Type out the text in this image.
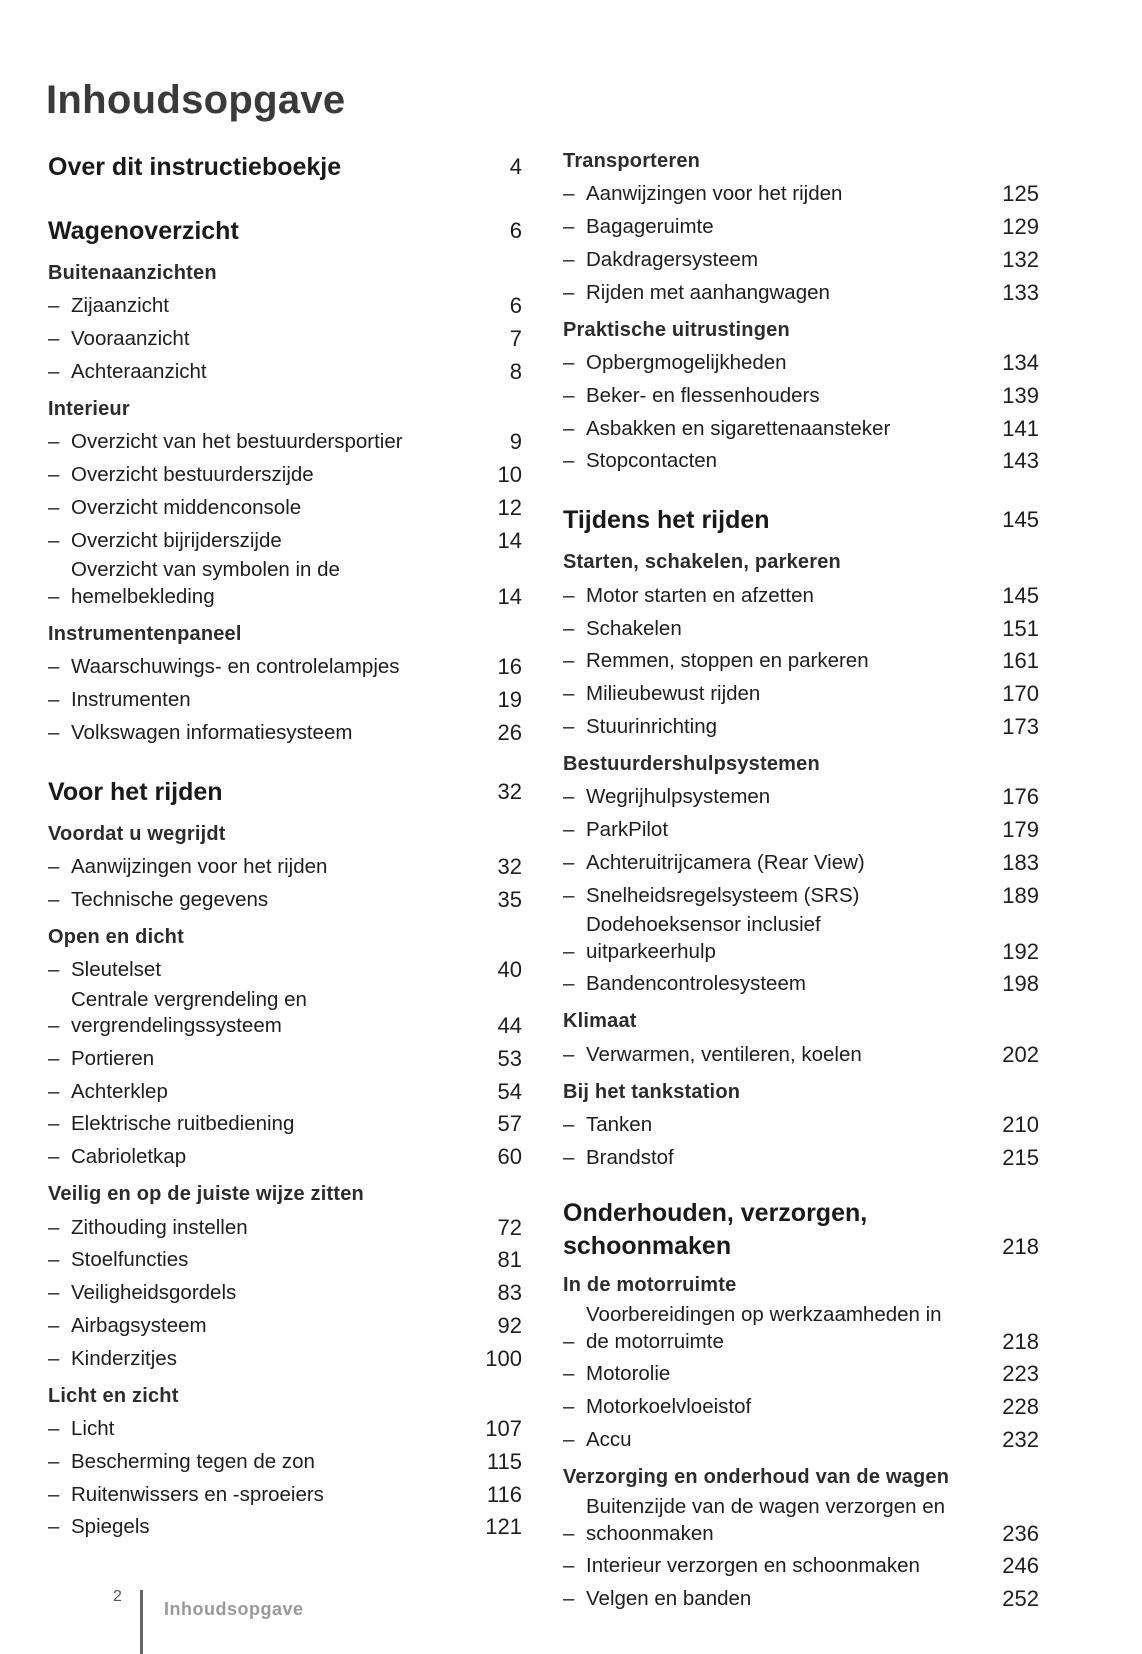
Inhoudsopgave
Over dit instructieboekje	4
Wagenoverzicht	6
Buitenaanzichten
– Zijaanzicht	6
– Vooraanzicht	7
– Achteraanzicht	8
Interieur
– Overzicht van het bestuurdersportier	9
– Overzicht bestuurderszijde	10
– Overzicht middenconsole	12
– Overzicht bijrijderszijde	14
–
Overzicht van symbolen in de
hemelbekleding	14
Instrumentenpaneel
– Waarschuwings- en controlelampjes	16
– Instrumenten	19
– Volkswagen informatiesysteem	26
Voor het rijden	32
Voordat u wegrijdt
– Aanwijzingen voor het rijden	32
– Technische gegevens	35
Open en dicht
– Sleutelset	40
–
Centrale vergrendeling en
vergrendelingssysteem	44
– Portieren	53
– Achterklep	54
– Elektrische ruitbediening	57
– Cabrioletkap	60
Veilig en op de juiste wijze zitten
– Zithouding instellen	72
– Stoelfuncties	81
– Veiligheidsgordels	83
– Airbagsysteem	92
– Kinderzitjes	100
Licht en zicht
– Licht	107
– Bescherming tegen de zon	115
– Ruitenwissers en -sproeiers	116
– Spiegels	121
Transporteren
– Aanwijzingen voor het rijden	125
– Bagageruimte	129
– Dakdragersysteem	132
– Rijden met aanhangwagen	133
Praktische uitrustingen
– Opbergmogelijkheden	134
– Beker- en flessenhouders	139
– Asbakken en sigarettenaansteker	141
– Stopcontacten	143
Tijdens het rijden	145
Starten, schakelen, parkeren
– Motor starten en afzetten	145
– Schakelen	151
– Remmen, stoppen en parkeren	161
– Milieubewust rijden	170
– Stuurinrichting	173
Bestuurdershulpsystemen
– Wegrijhulpsystemen	176
– ParkPilot	179
– Achteruitrijcamera (Rear View)	183
– Snelheidsregelsysteem (SRS)	189
–
Dodehoeksensor inclusief
uitparkeerhulp	192
– Bandencontrolesysteem	198
Klimaat
– Verwarmen, ventileren, koelen	202
Bij het tankstation
– Tanken	210
– Brandstof	215
Onderhouden, verzorgen,
schoonmaken	218
In de motorruimte
–
Voorbereidingen op werkzaamheden in
de motorruimte	218
– Motorolie	223
– Motorkoelvloeistof	228
– Accu	232
Verzorging en onderhoud van de wagen
–
Buitenzijde van de wagen verzorgen en
schoonmaken	236
– Interieur verzorgen en schoonmaken	246
– Velgen en banden	252
2
Inhoudsopgave
